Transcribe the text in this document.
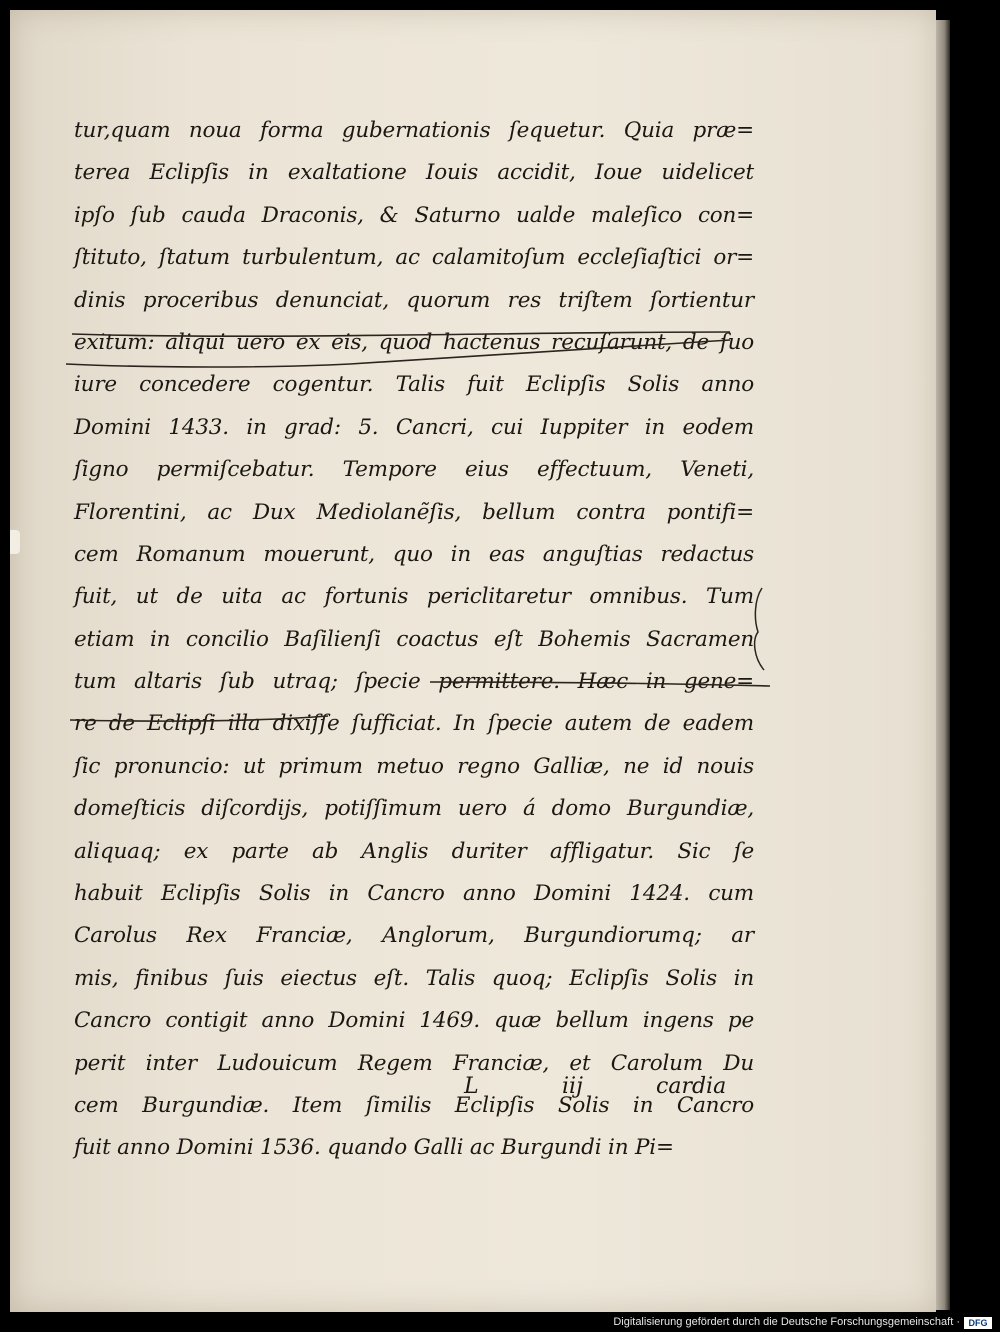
tur,quam noua forma gubernationis ſequetur. Quia præ=
terea Eclipſis in exaltatione Iouis accidit, Ioue uidelicet
ipſo ſub cauda Draconis, & Saturno ualde maleſico con=
ſtituto, ſtatum turbulentum, ac calamitoſum eccleſiaſtici or=
dinis proceribus denunciat, quorum res triſtem ſortientur
exitum: aliqui uero ex eis, quod hactenus recuſarunt, de ſuo
iure concedere cogentur. Talis fuit Eclipſis Solis anno
Domini 1433. in grad: 5. Cancri, cui Iuppiter in eodem
ſigno permiſcebatur. Tempore eius effectuum, Veneti,
Florentini, ac Dux Mediolanẽſis, bellum contra pontifi=
cem Romanum mouerunt, quo in eas anguſtias redactus
fuit, ut de uita ac fortunis periclitaretur omnibus. Tum
etiam in concilio Baſilienſi coactus eſt Bohemis Sacramen
tum altaris ſub utraq; ſpecie permittere. Hæc in gene=
re de Eclipſi illa dixiſſe ſufficiat. In ſpecie autem de eadem
ſic pronuncio: ut primum metuo regno Galliæ, ne id nouis
domeſticis diſcordijs, potiſſimum uero á domo Burgundiæ,
aliquaq; ex parte ab Anglis duriter affligatur. Sic ſe
habuit Eclipſis Solis in Cancro anno Domini 1424. cum
Carolus Rex Franciæ, Anglorum, Burgundiorumq; ar
mis, finibus ſuis eiectus eſt. Talis quoq; Eclipſis Solis in
Cancro contigit anno Domini 1469. quæ bellum ingens pe
perit inter Ludouicum Regem Franciæ, et Carolum Du
cem Burgundiæ. Item ſimilis Eclipſis Solis in Cancro
fuit anno Domini 1536. quando Galli ac Burgundi in Pi=
L	iij	cardia
Digitalisierung gefördert durch die Deutsche Forschungsgemeinschaft · DFG
